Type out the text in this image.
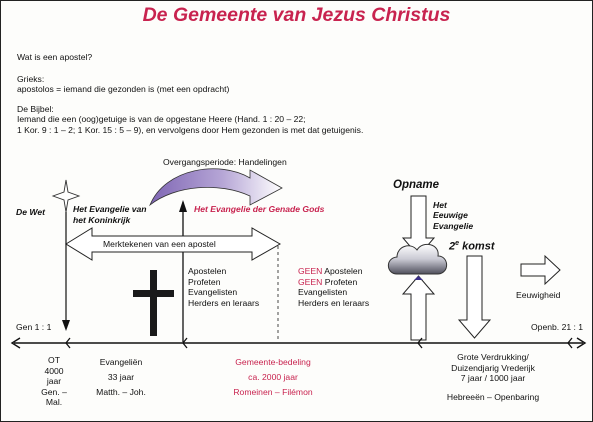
De Gemeente van Jezus Christus
Wat is een apostel?
Grieks:
apostolos = iemand die gezonden is (met een opdracht)
De Bijbel:
Iemand die een (oog)getuige is van de opgestane Heere (Hand. 1 : 20 – 22;
1 Kor. 9 : 1 – 2; 1 Kor. 15 : 5 – 9), en vervolgens door Hem gezonden is met dat getuigenis.
Overgangsperiode: Handelingen
De Wet	Het Evangelie van
het Koninkrijk
Het Evangelie der Genade Gods
Merktekenen van een apostel
Apostelen
Profeten
Evangelisten
Herders en leraars
GEEN Apostelen
GEEN Profeten
Evangelisten
Herders en leraars
Opname
Het
Eeuwige
Evangelie
2e komst
Eeuwigheid
Gen 1 : 1	Openb. 21 : 1
OT
4000
jaar
Gen. –
Mal.
Evangeliën
33 jaar
Matth. – Joh.
Gemeente-bedeling
ca. 2000 jaar
Romeinen – Filémon
Grote Verdrukking/
Duizendjarig Vrederijk
7 jaar / 1000 jaar
Hebreeën – Openbaring
